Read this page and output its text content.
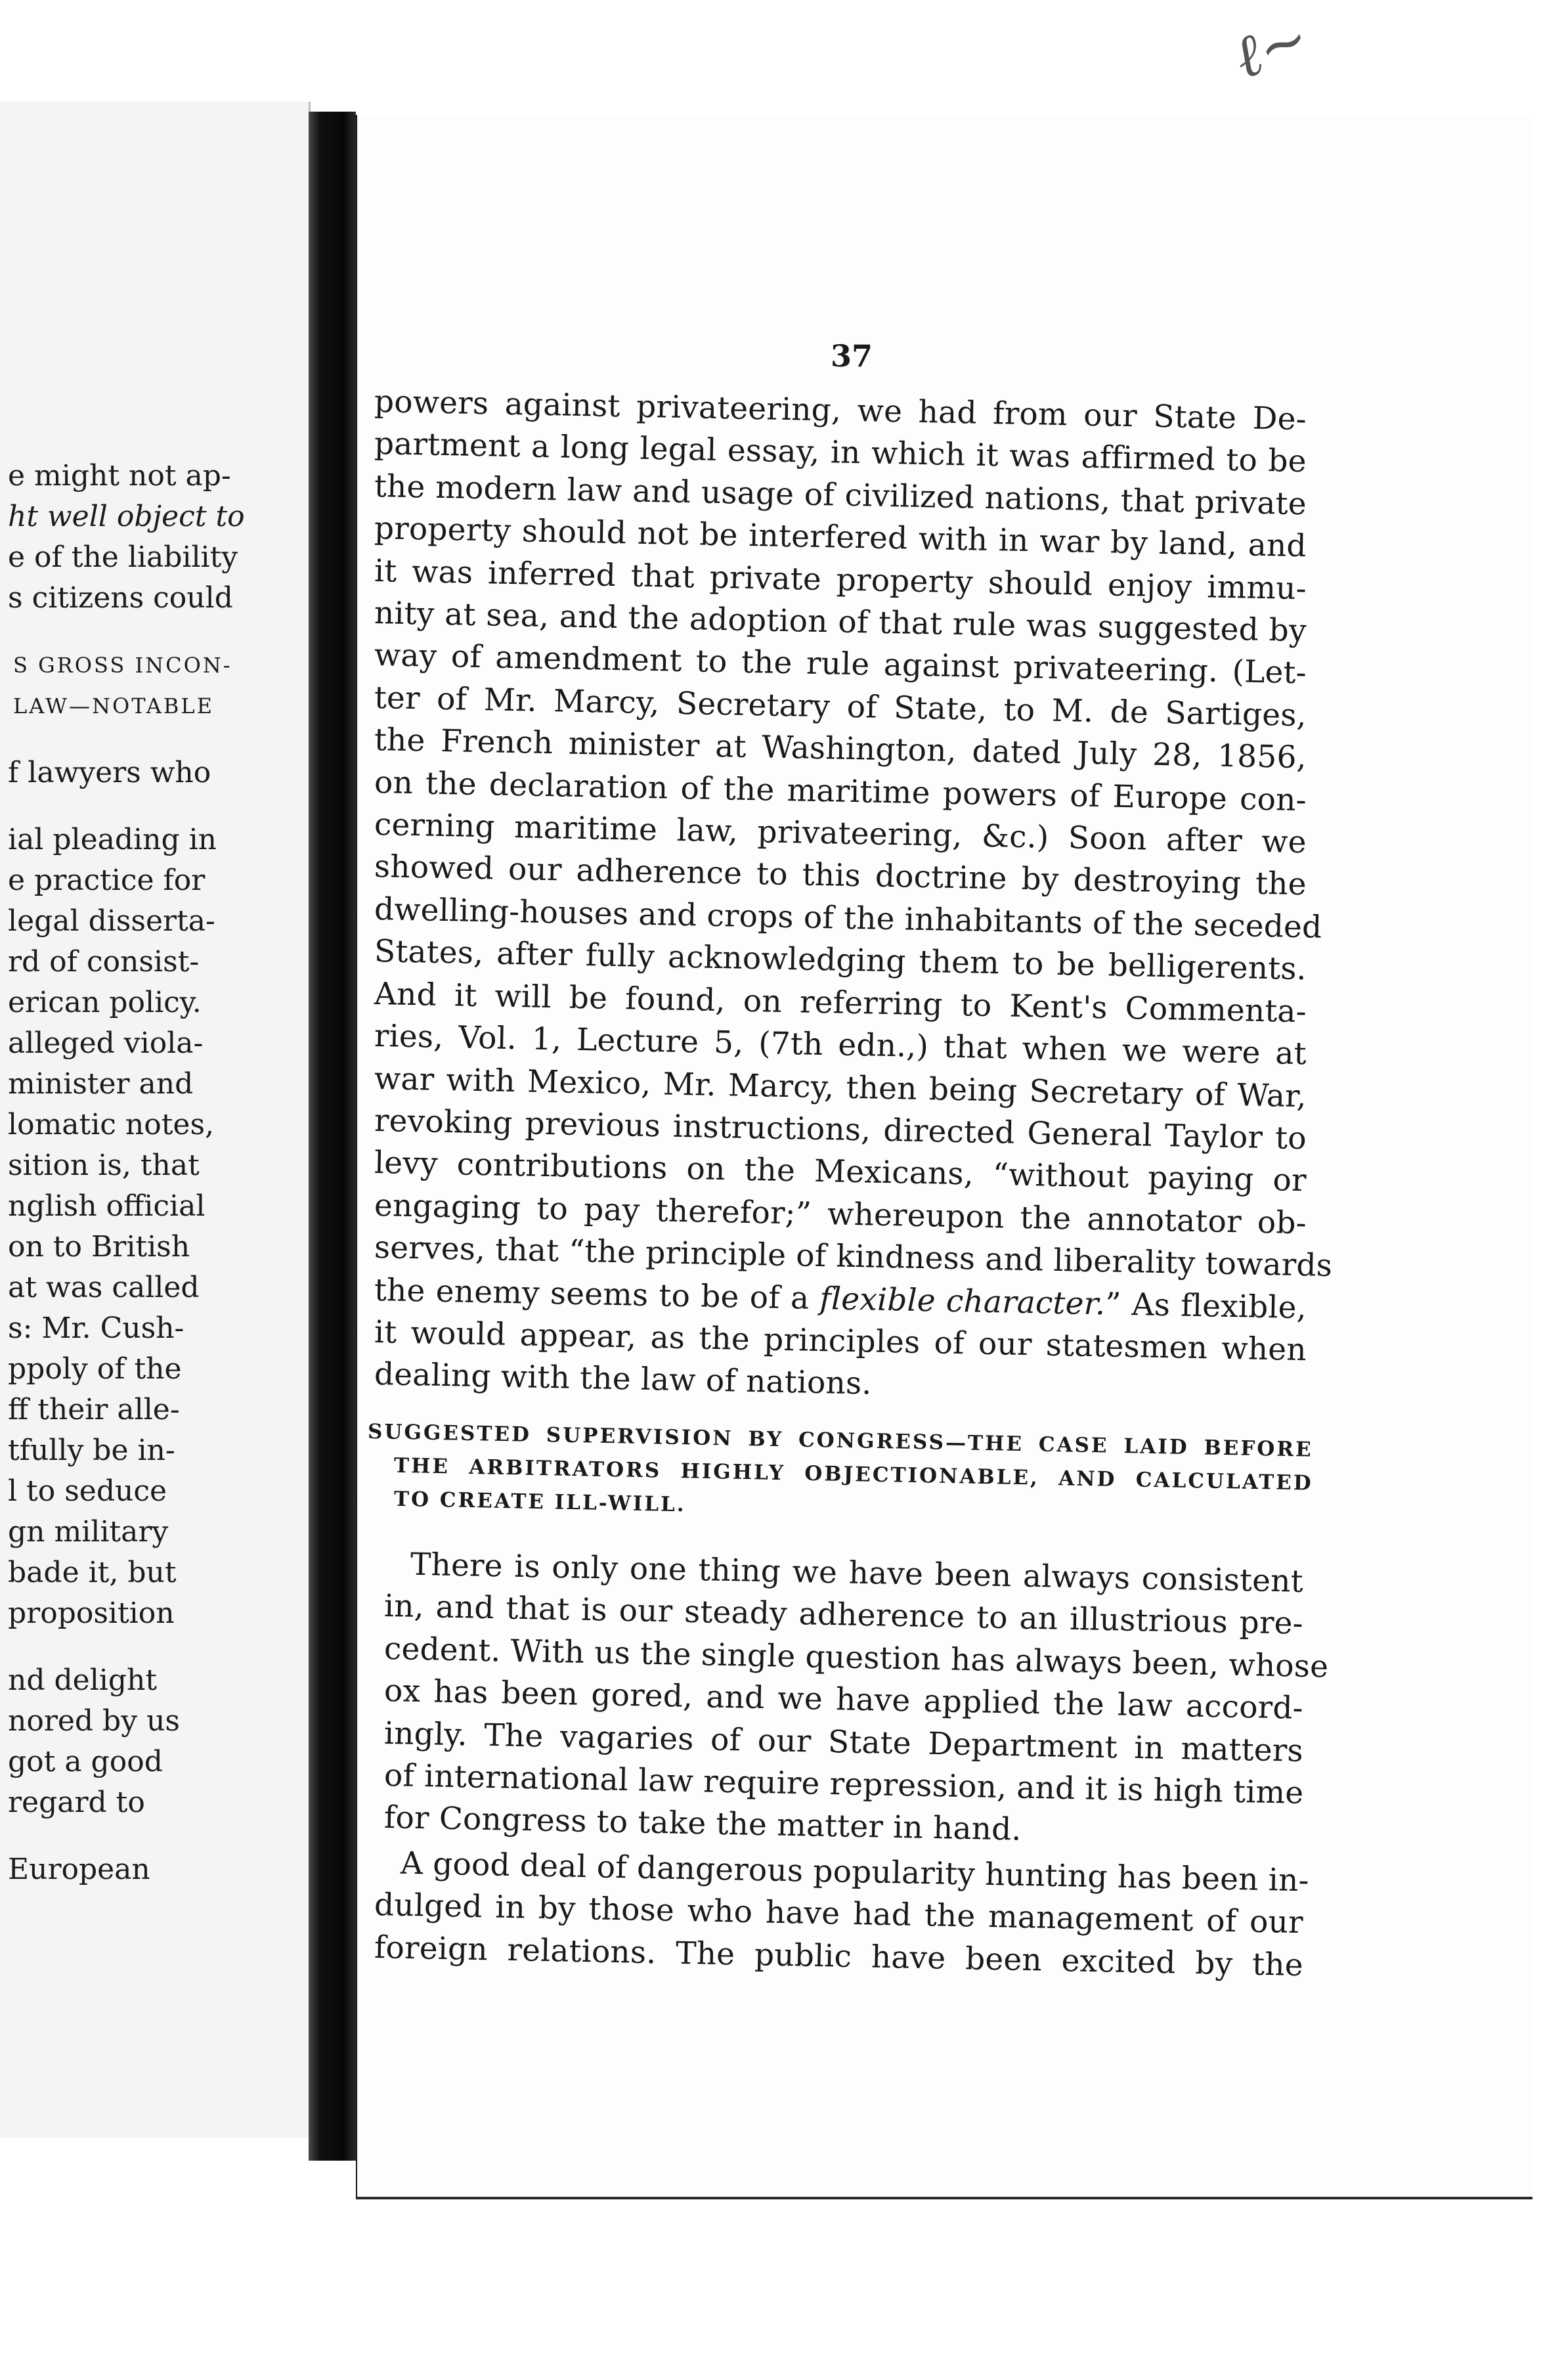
e might not ap-
ht well object to
e of the liability
s citizens could
S GROSS INCON-
LAW—NOTABLE
f lawyers who
ial pleading in
e practice for
legal disserta-
rd of consist-
erican policy.
alleged viola-
minister and
lomatic notes,
sition is, that
nglish official
on to British
at was called
s: Mr. Cush-
ppoly of the
ff their alle-
tfully be in-
l to seduce
gn military
bade it, but
proposition
nd delight
nored by us
got a good
regard to
European
ℓ~
37
powers against privateering, we had from our State De-
partment a long legal essay, in which it was affirmed to be
the modern law and usage of civilized nations, that private
property should not be interfered with in war by land, and
it was inferred that private property should enjoy immu-
nity at sea, and the adoption of that rule was suggested by
way of amendment to the rule against privateering. (Let-
ter of Mr. Marcy, Secretary of State, to M. de Sartiges,
the French minister at Washington, dated July 28, 1856,
on the declaration of the maritime powers of Europe con-
cerning maritime law, privateering, &c.) Soon after we
showed our adherence to this doctrine by destroying the
dwelling-houses and crops of the inhabitants of the seceded
States, after fully acknowledging them to be belligerents.
And it will be found, on referring to Kent's Commenta-
ries, Vol. 1, Lecture 5, (7th edn.,) that when we were at
war with Mexico, Mr. Marcy, then being Secretary of War,
revoking previous instructions, directed General Taylor to
levy contributions on the Mexicans, “without paying or
engaging to pay therefor;” whereupon the annotator ob-
serves, that “the principle of kindness and liberality towards
the enemy seems to be of a flexible character.” As flexible,
it would appear, as the principles of our statesmen when
dealing with the law of nations.
SUGGESTED SUPERVISION BY CONGRESS—THE CASE LAID BEFORE
THE ARBITRATORS HIGHLY OBJECTIONABLE, AND CALCULATED
TO CREATE ILL-WILL.
There is only one thing we have been always consistent
in, and that is our steady adherence to an illustrious pre-
cedent. With us the single question has always been, whose
ox has been gored, and we have applied the law accord-
ingly. The vagaries of our State Department in matters
of international law require repression, and it is high time
for Congress to take the matter in hand.
A good deal of dangerous popularity hunting has been in-
dulged in by those who have had the management of our
foreign relations. The public have been excited by the
